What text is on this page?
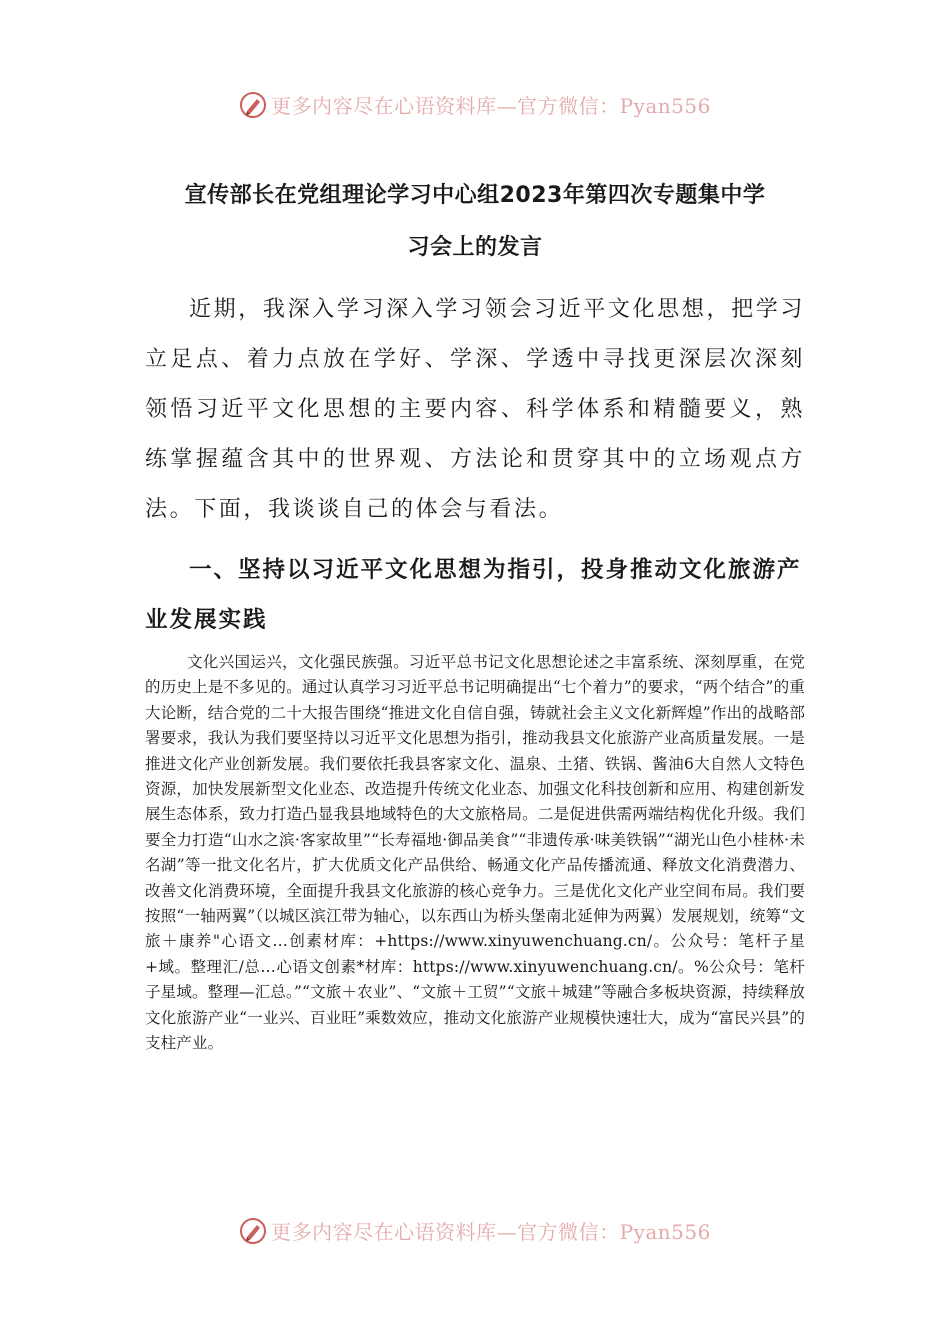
更多内容尽在心语资料库—官方微信：Pyan556
宣传部长在党组理论学习中心组2023年第四次专题集中学
习会上的发言

近期，我深入学习深入学习领会习近平文化思想，把学习立足点、着力点放在学好、学深、学透中寻找更深层次深刻领悟习近平文化思想的主要内容、科学体系和精髓要义，熟练掌握蕴含其中的世界观、方法论和贯穿其中的立场观点方法。下面，我谈谈自己的体会与看法。

一、坚持以习近平文化思想为指引，投身推动文化旅游产业发展实践

文化兴国运兴，文化强民族强。习近平总书记文化思想论述之丰富系统、深刻厚重，在党的历史上是不多见的。通过认真学习习近平总书记明确提出“七个着力”的要求，“两个结合”的重大论断，结合党的二十大报告围绕“推进文化自信自强，铸就社会主义文化新辉煌”作出的战略部署要求，我认为我们要坚持以习近平文化思想为指引，推动我县文化旅游产业高质量发展。一是推进文化产业创新发展。我们要依托我县客家文化、温泉、土猪、铁锅、酱油6大自然人文特色资源，加快发展新型文化业态、改造提升传统文化业态、加强文化科技创新和应用、构建创新发展生态体系，致力打造凸显我县地域特色的大文旅格局。二是促进供需两端结构优化升级。我们要全力打造“山水之滨·客家故里”“长寿福地·御品美食”“非遗传承·味美铁锅”“湖光山色小桂林·未名湖”等一批文化名片，扩大优质文化产品供给、畅通文化产品传播流通、释放文化消费潜力、改善文化消费环境，全面提升我县文化旅游的核心竞争力。三是优化文化产业空间布局。我们要按照“一轴两翼”（以城区滨江带为轴心，以东西山为桥头堡南北延伸为两翼）发展规划，统筹“文旅＋康养"心语文…创素材库：+https://www.xinyuwenchuang.cn/。公众号：笔杆子星+域。整理汇/总…心语文创素*材库：https://www.xinyuwenchuang.cn/。%公众号：笔杆子星域。整理—汇总。”“文旅＋农业”、“文旅＋工贸”“文旅＋城建”等融合多板块资源，持续释放文化旅游产业“一业兴、百业旺”乘数效应，推动文化旅游产业规模快速壮大，成为“富民兴县”的支柱产业。

更多内容尽在心语资料库—官方微信：Pyan556
